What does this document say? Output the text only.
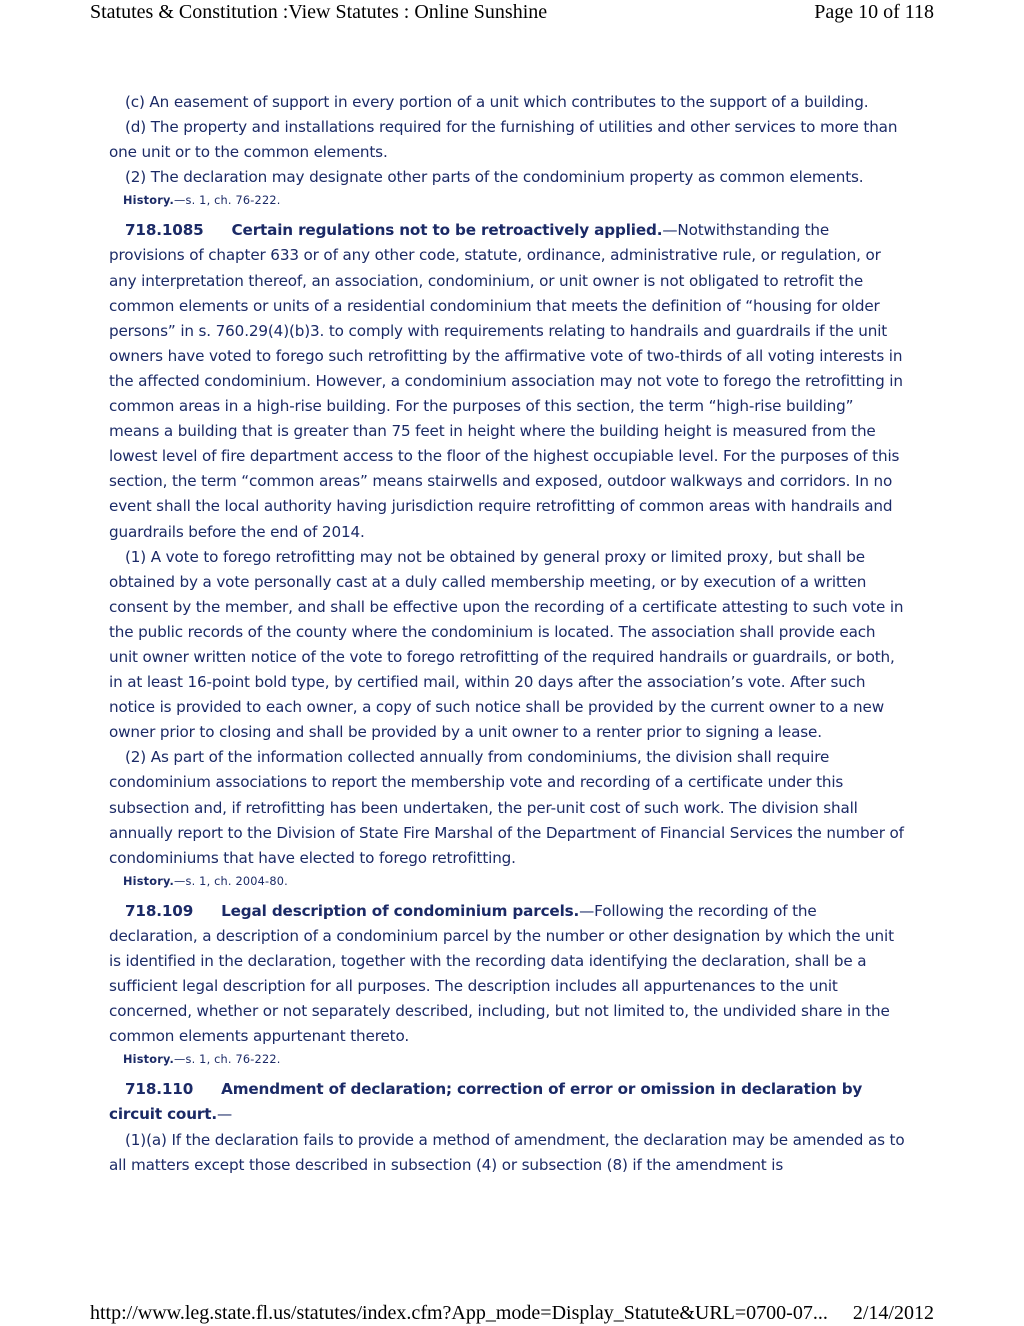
Statutes & Constitution :View Statutes : Online Sunshine	Page 10 of 118

(c) An easement of support in every portion of a unit which contributes to the support of a building.

(d) The property and installations required for the furnishing of utilities and other services to more than one unit or to the common elements.

(2) The declaration may designate other parts of the condominium property as common elements.

History.—s. 1, ch. 76-222.

718.1085 Certain regulations not to be retroactively applied.—Notwithstanding the provisions of chapter 633 or of any other code, statute, ordinance, administrative rule, or regulation, or any interpretation thereof, an association, condominium, or unit owner is not obligated to retrofit the common elements or units of a residential condominium that meets the definition of “housing for older persons” in s. 760.29(4)(b)3. to comply with requirements relating to handrails and guardrails if the unit owners have voted to forego such retrofitting by the affirmative vote of two-thirds of all voting interests in the affected condominium. However, a condominium association may not vote to forego the retrofitting in common areas in a high-rise building. For the purposes of this section, the term “high-rise building” means a building that is greater than 75 feet in height where the building height is measured from the lowest level of fire department access to the floor of the highest occupiable level. For the purposes of this section, the term “common areas” means stairwells and exposed, outdoor walkways and corridors. In no event shall the local authority having jurisdiction require retrofitting of common areas with handrails and guardrails before the end of 2014.

(1) A vote to forego retrofitting may not be obtained by general proxy or limited proxy, but shall be obtained by a vote personally cast at a duly called membership meeting, or by execution of a written consent by the member, and shall be effective upon the recording of a certificate attesting to such vote in the public records of the county where the condominium is located. The association shall provide each unit owner written notice of the vote to forego retrofitting of the required handrails or guardrails, or both, in at least 16-point bold type, by certified mail, within 20 days after the association’s vote. After such notice is provided to each owner, a copy of such notice shall be provided by the current owner to a new owner prior to closing and shall be provided by a unit owner to a renter prior to signing a lease.

(2) As part of the information collected annually from condominiums, the division shall require condominium associations to report the membership vote and recording of a certificate under this subsection and, if retrofitting has been undertaken, the per-unit cost of such work. The division shall annually report to the Division of State Fire Marshal of the Department of Financial Services the number of condominiums that have elected to forego retrofitting.

History.—s. 1, ch. 2004-80.

718.109 Legal description of condominium parcels.—Following the recording of the declaration, a description of a condominium parcel by the number or other designation by which the unit is identified in the declaration, together with the recording data identifying the declaration, shall be a sufficient legal description for all purposes. The description includes all appurtenances to the unit concerned, whether or not separately described, including, but not limited to, the undivided share in the common elements appurtenant thereto.

History.—s. 1, ch. 76-222.

718.110 Amendment of declaration; correction of error or omission in declaration by circuit court.—

(1)(a) If the declaration fails to provide a method of amendment, the declaration may be amended as to all matters except those described in subsection (4) or subsection (8) if the amendment is

http://www.leg.state.fl.us/statutes/index.cfm?App_mode=Display_Statute&URL=0700-07... 2/14/2012
